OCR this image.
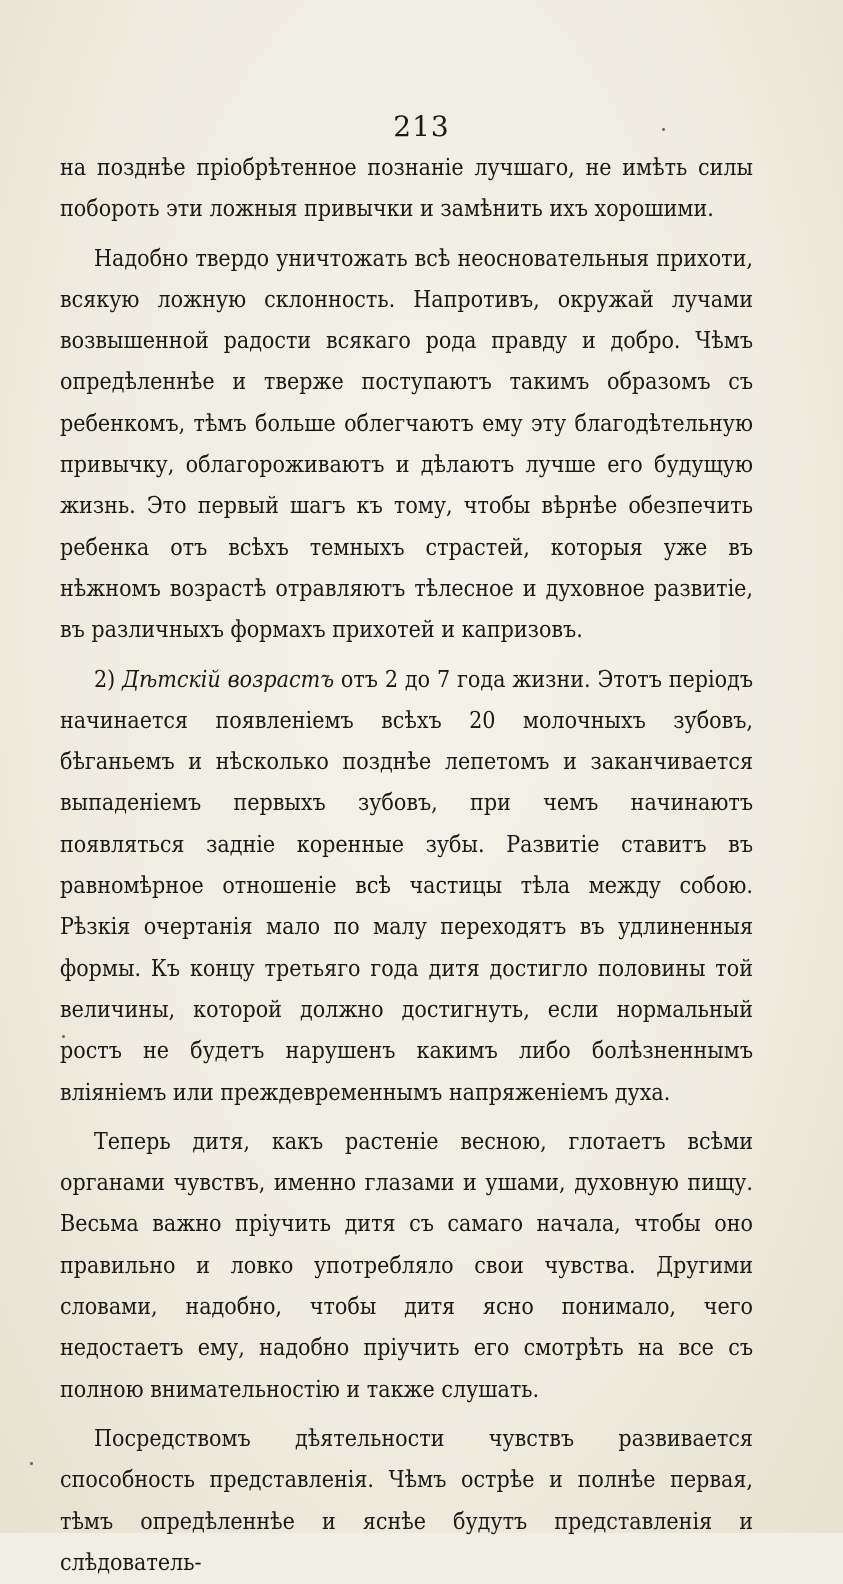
213

на позднѣе пріобрѣтенное познаніе лучшаго, не имѣть силы побороть эти ложныя привычки и замѣнить ихъ хорошими.

Надобно твердо уничтожать всѣ неосновательныя прихоти, всякую ложную склонность. Напротивъ, окружай лучами возвышенной радости всякаго рода правду и добро. Чѣмъ опредѣленнѣе и тверже поступаютъ такимъ образомъ съ ребенкомъ, тѣмъ больше облегчаютъ ему эту благодѣтельную привычку, облагороживаютъ и дѣлаютъ лучше его будущую жизнь. Это первый шагъ къ тому, чтобы вѣрнѣе обезпечить ребенка отъ всѣхъ темныхъ страстей, которыя уже въ нѣжномъ возрастѣ отравляютъ тѣлесное и духовное развитіе, въ различныхъ формахъ прихотей и капризовъ.

2) Дѣтскій возрастъ отъ 2 до 7 года жизни. Этотъ періодъ начинается появленіемъ всѣхъ 20 молочныхъ зубовъ, бѣганьемъ и нѣсколько позднѣе лепетомъ и заканчивается выпаденіемъ первыхъ зубовъ, при чемъ начинаютъ появляться задніе коренные зубы. Развитіе ставитъ въ равномѣрное отношеніе всѣ частицы тѣла между собою. Рѣзкія очертанія мало по малу переходятъ въ удлиненныя формы. Къ концу третьяго года дитя достигло половины той величины, которой должно достигнуть, если нормальный ростъ не будетъ нарушенъ какимъ либо болѣзненнымъ вліяніемъ или преждевременнымъ напряженіемъ духа.

Теперь дитя, какъ растеніе весною, глотаетъ всѣми органами чувствъ, именно глазами и ушами, духовную пищу. Весьма важно пріучить дитя съ самаго начала, чтобы оно правильно и ловко употребляло свои чувства. Другими словами, надобно, чтобы дитя ясно понимало, чего недостаетъ ему, надобно пріучить его смотрѣть на все съ полною внимательностію и также слушать.

Посредствомъ дѣятельности чувствъ развивается способность представленія. Чѣмъ острѣе и полнѣе первая, тѣмъ опредѣленнѣе и яснѣе будутъ представленія и слѣдователь-
